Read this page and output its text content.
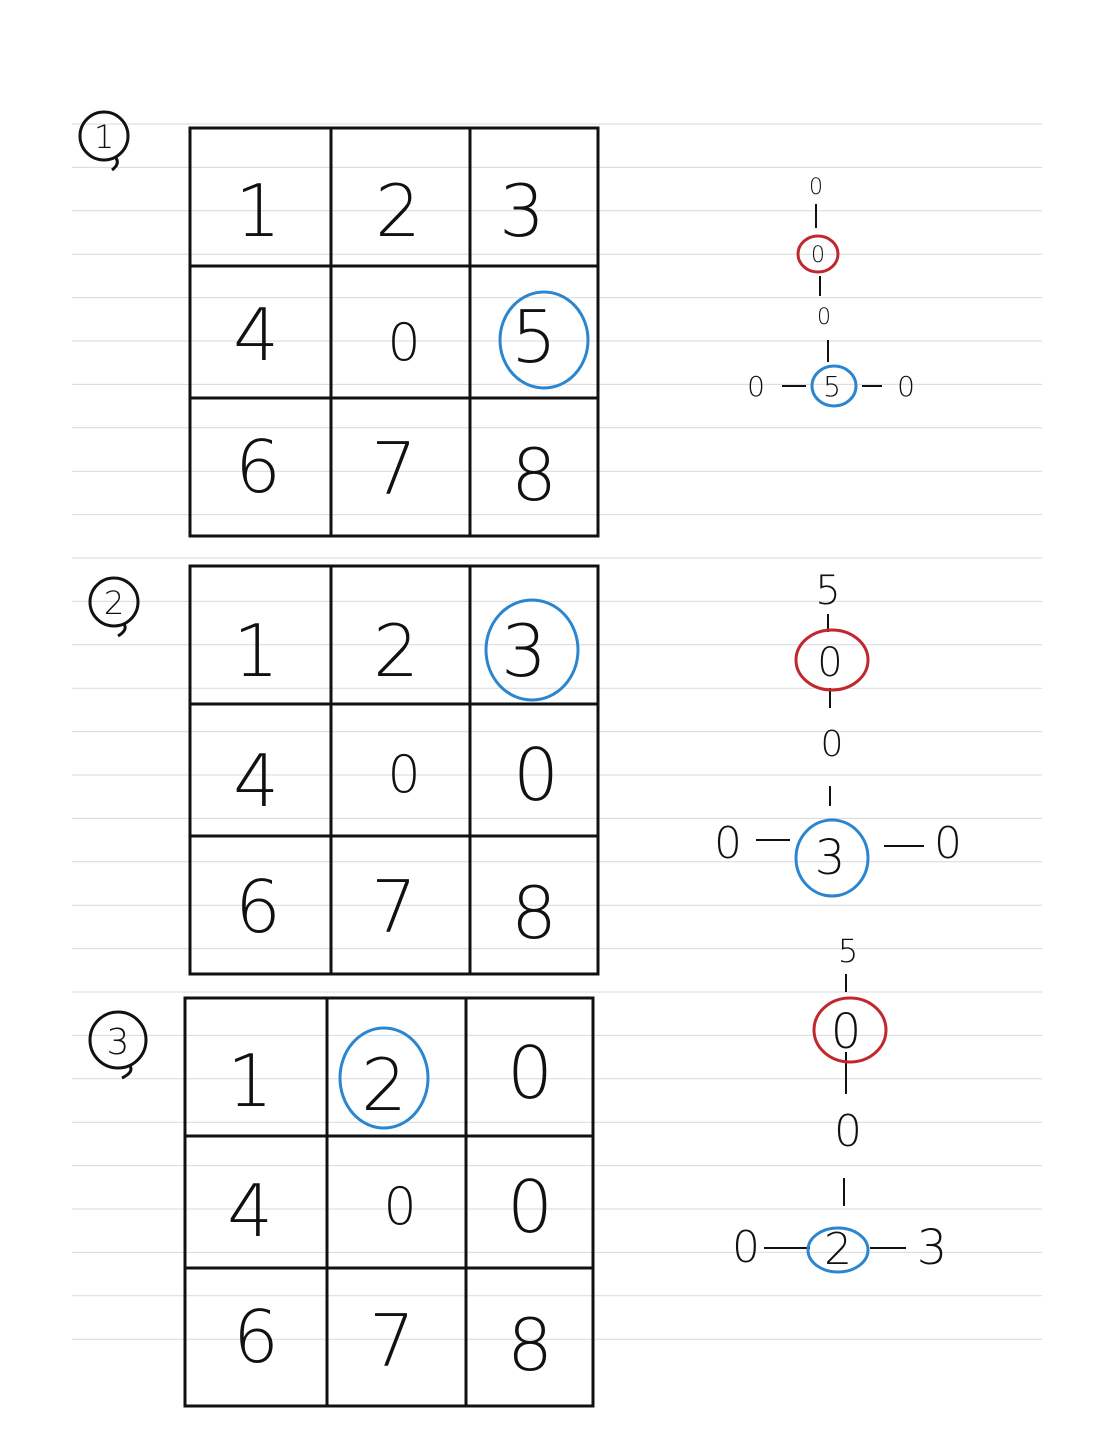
1
1 2 3
4 0 5
6 7 8
0
0
0
0 5 0
2
1 2 3
4 0 0
6 7 8
5
0
0
0 3 0
3 1 2 0
4 0 0
6 7 8
5
0
0
0 2 3
